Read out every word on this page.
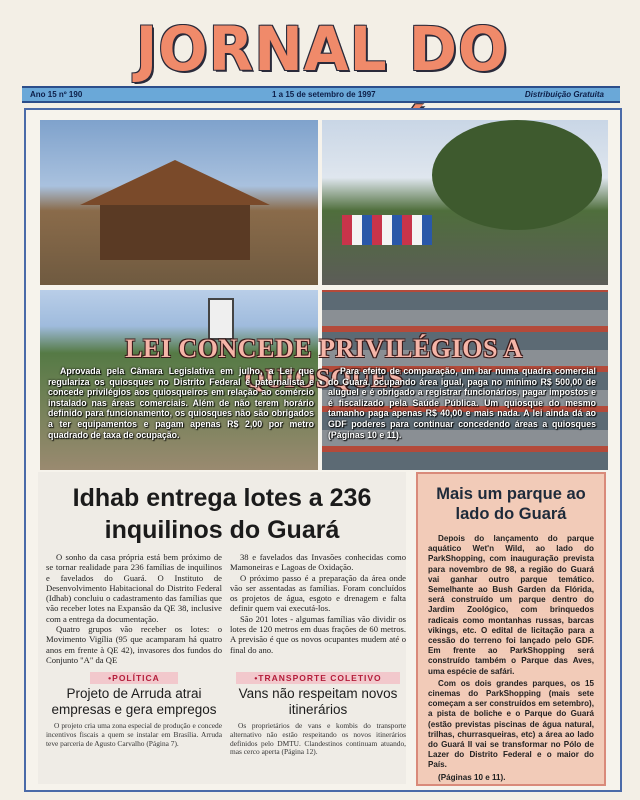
JORNAL DO
Ano 15 nº 190	1 a 15 de setembro de 1997	Distribuição Gratuita
LEI CONCEDE PRIVILÉGIOS A QUIOSQUES
Aprovada pela Câmara Legislativa em julho, a Lei que regulariza os quiosques no Distrito Federal é paternalista e concede privilégios aos quiosqueiros em relação ao comércio instalado nas áreas comerciais. Além de não terem horário definido para funcionamento, os quiosques não são obrigados a ter equipamentos e pagam apenas R$ 2,00 por metro quadrado de taxa de ocupação.
Para efeito de comparação, um bar numa quadra comercial do Guará, ocupando área igual, paga no mínimo R$ 500,00 de aluguel e é obrigado a registrar funcionários, pagar impostos e é fiscalizado pela Saúde Pública. Um quiosque do mesmo tamanho paga apenas R$ 40,00 e mais nada. A lei ainda dá ao GDF poderes para continuar concedendo áreas a quiosques (Páginas 10 e 11).
Idhab entrega lotes a 236 inquilinos do Guará

O sonho da casa própria está bem próximo de se tornar realidade para 236 famílias de inquilinos e favelados do Guará. O Instituto de Desenvolvimento Habitacional do Distrito Federal (Idhab) concluiu o cadastramento das famílias que vão receber lotes na Expansão da QE 38, inclusive com a entrega da documentação.

Quatro grupos vão receber os lotes: o Movimento Vigília (95 que acamparam há quatro anos em frente à QE 42), invasores dos fundos do Conjunto "A" da QE

38 e favelados das Invasões conhecidas como Mamoneiras e Lagoas de Oxidação.

O próximo passo é a preparação da área onde vão ser assentadas as famílias. Foram concluídos os projetos de água, esgoto e drenagem e falta definir quem vai executá-los.

São 201 lotes - algumas famílias vão dividir os lotes de 120 metros em duas frações de 60 metros. A previsão é que os novos ocupantes mudem até o final do ano.

•POLÍTICA
Projeto de Arruda atrai empresas e gera empregos
O projeto cria uma zona especial de produção e concede incentivos fiscais a quem se instalar em Brasília. Arruda teve parceria de Agusto Carvalho (Página 7).
•TRANSPORTE COLETIVO
Vans não respeitam novos itinerários
Os proprietários de vans e kombis do transporte alternativo não estão respeitando os novos itinerários definidos pelo DMTU. Clandestinos continuam atuando, mas cerco aperta (Página 12).
Mais um parque ao lado do Guará

Depois do lançamento do parque aquático Wet'n Wild, ao lado do ParkShopping, com inauguração prevista para novembro de 98, a região do Guará vai ganhar outro parque temático. Semelhante ao Bush Garden da Flórida, será construído um parque dentro do Jardim Zoológico, com brinquedos radicais como montanhas russas, barcas vikings, etc. O edital de licitação para a cessão do terreno foi lançado pelo GDF. Em frente ao ParkShopping será construído também o Parque das Aves, uma espécie de safári.

Com os dois grandes parques, os 15 cinemas do ParkShopping (mais sete começam a ser construídos em setembro), a pista de boliche e o Parque do Guará (estão previstas piscinas de água natural, trilhas, churrasqueiras, etc) a área ao lado do Guará II vai se transformar no Pólo de Lazer do Distrito Federal e o maior do País.

(Páginas 10 e 11).
